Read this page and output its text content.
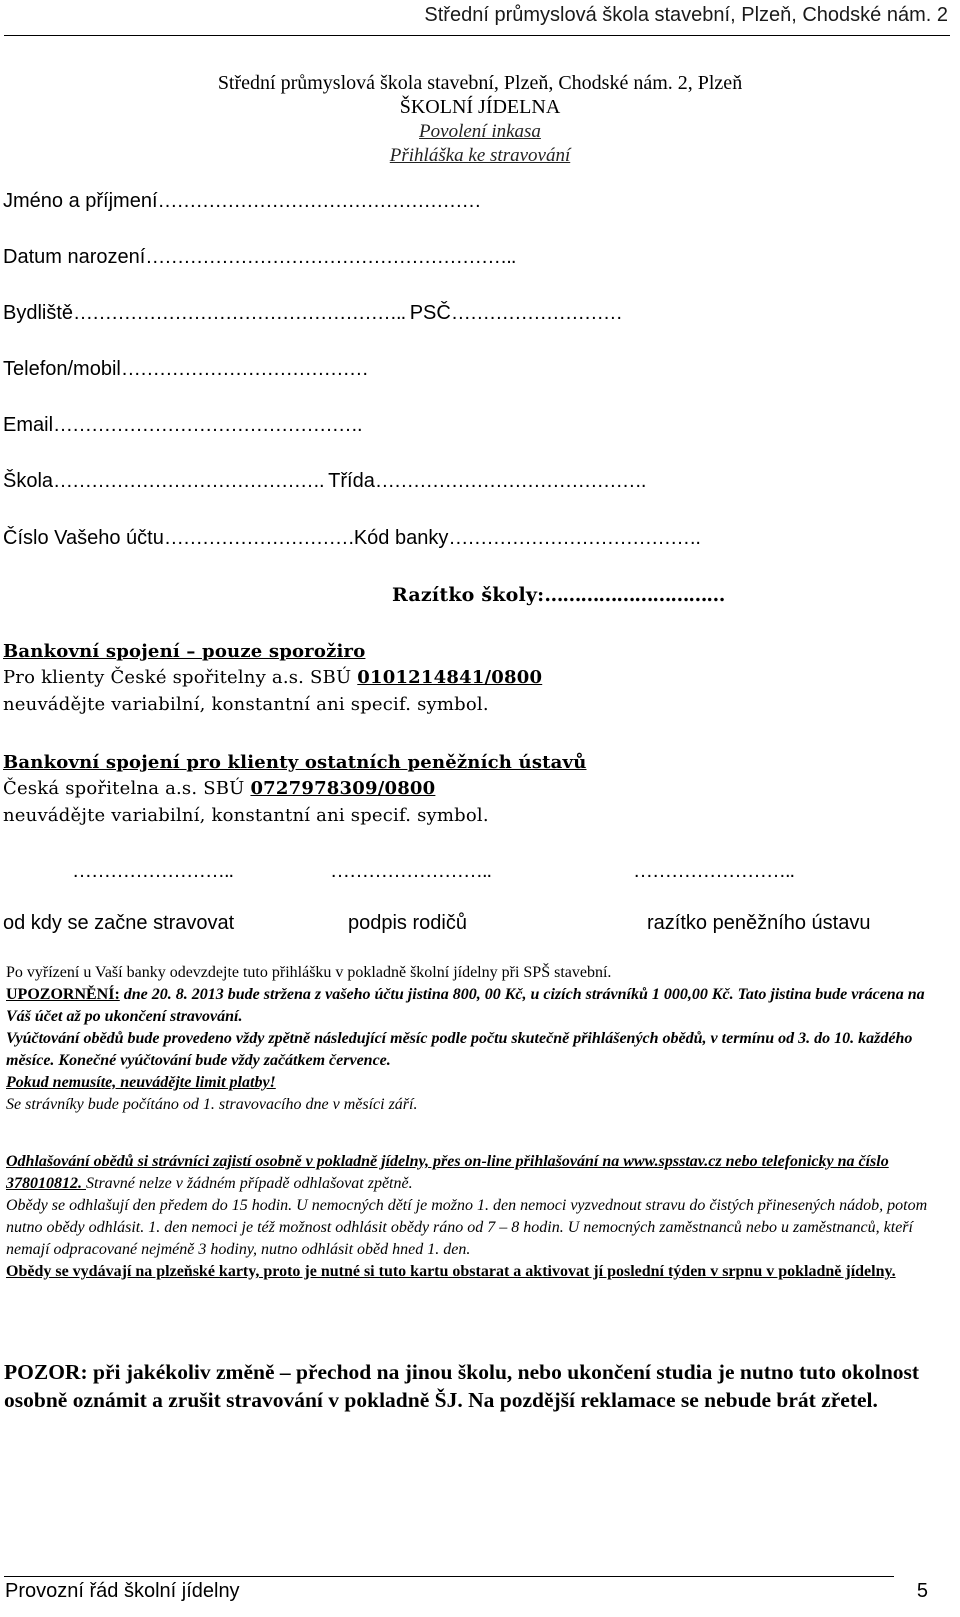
Střední průmyslová škola stavební, Plzeň, Chodské nám. 2
Střední průmyslová škola stavební, Plzeň, Chodské nám. 2, Plzeň
ŠKOLNÍ JÍDELNA
Povolení inkasa
Přihláška ke stravování
Jméno a příjmení……………………………………………
Datum narození…………………………………………………..
Bydliště…………………………………………….. PSČ………………………
Telefon/mobil…………………………………
Email………………………………………….
Škola……………………………………. Třída…………………………………….
Číslo Vašeho účtu…………………………Kód banky………………………………….
Razítko školy:…………………………
Bankovní spojení – pouze sporožiro
Pro klienty České spořitelny a.s. SBÚ 0101214841/0800
neuvádějte variabilní, konstantní ani specif. symbol.
Bankovní spojení pro klienty ostatních peněžních ústavů
Česká spořitelna a.s. SBÚ 0727978309/0800
neuvádějte variabilní, konstantní ani specif. symbol.
……………………..	……………………..	……………………..
od kdy se začne stravovat	podpis rodičů	razítko peněžního ústavu

Po vyřízení u Vaší banky odevzdejte tuto přihlášku v pokladně školní jídelny při SPŠ stavební.

UPOZORNĚNÍ: dne 20. 8. 2013 bude stržena z vašeho účtu jistina 800, 00 Kč, u cizích strávníků 1 000,00 Kč. Tato jistina bude vrácena na Váš účet až po ukončení stravování.

Vyúčtování obědů bude provedeno vždy zpětně následující měsíc podle počtu skutečně přihlášených obědů, v termínu od 3. do 10. každého měsíce. Konečné vyúčtování bude vždy začátkem července.

Pokud nemusíte, neuvádějte limit platby!

Se strávníky bude počítáno od 1. stravovacího dne v měsíci září.

Odhlašování obědů si strávníci zajistí osobně v pokladně jídelny, přes on-line přihlašování na www.spsstav.cz nebo telefonicky na číslo 378010812. Stravné nelze v žádném případě odhlašovat zpětně.

Obědy se odhlašují den předem do 15 hodin. U nemocných dětí je možno 1. den nemoci vyzvednout stravu do čistých přinesených nádob, potom nutno obědy odhlásit. 1. den nemoci je též možnost odhlásit obědy ráno od 7 – 8 hodin. U nemocných zaměstnanců nebo u zaměstnanců, kteří nemají odpracované nejméně 3 hodiny, nutno odhlásit oběd hned 1. den.

Obědy se vydávají na plzeňské karty, proto je nutné si tuto kartu obstarat a aktivovat jí poslední týden v srpnu v pokladně jídelny.

POZOR: při jakékoliv změně – přechod na jinou školu, nebo ukončení studia je nutno tuto okolnost osobně oznámit a zrušit stravování v pokladně ŠJ. Na pozdější reklamace se nebude brát zřetel.
Provozní řád školní jídelny	5
